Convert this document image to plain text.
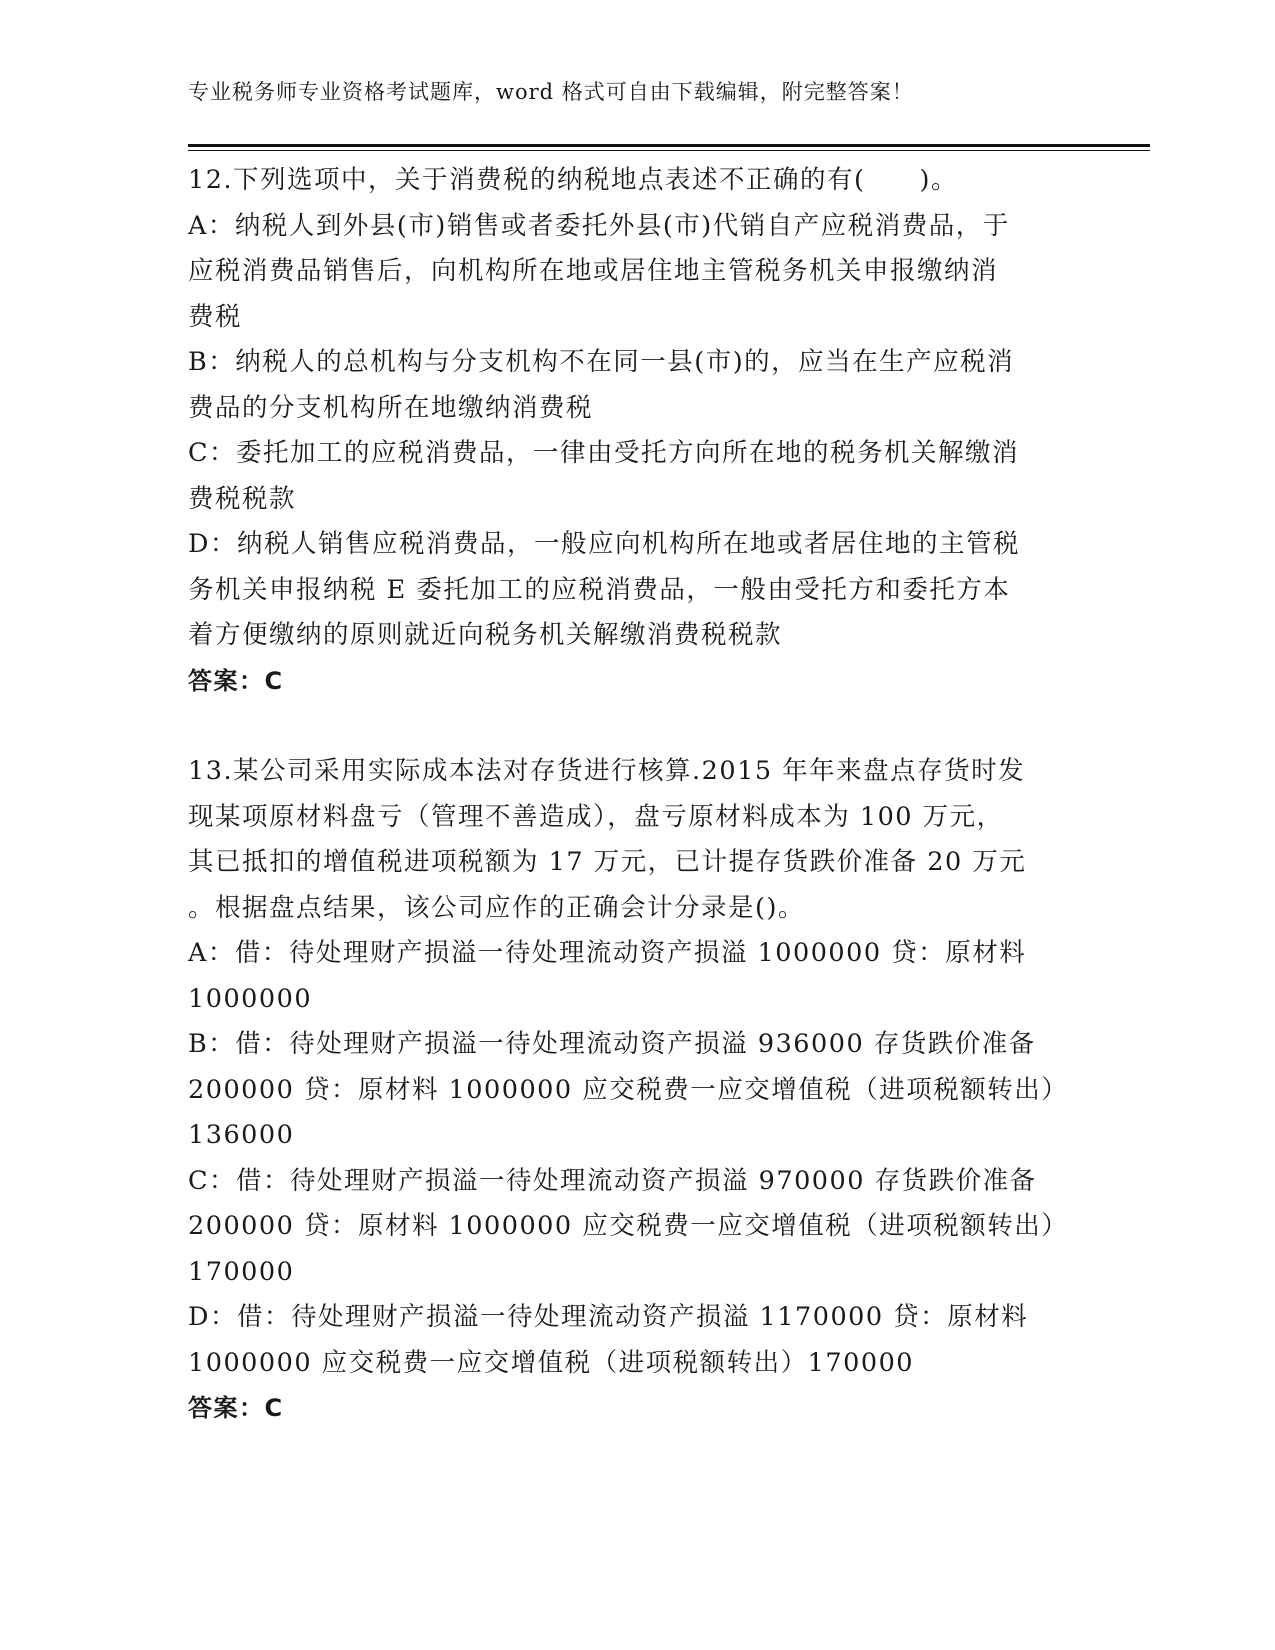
专业税务师专业资格考试题库，word 格式可自由下载编辑，附完整答案！
12.下列选项中，关于消费税的纳税地点表述不正确的有(　　)。
A：纳税人到外县(市)销售或者委托外县(市)代销自产应税消费品，于
应税消费品销售后，向机构所在地或居住地主管税务机关申报缴纳消
费税
B：纳税人的总机构与分支机构不在同一县(市)的，应当在生产应税消
费品的分支机构所在地缴纳消费税
C：委托加工的应税消费品，一律由受托方向所在地的税务机关解缴消
费税税款
D：纳税人销售应税消费品，一般应向机构所在地或者居住地的主管税
务机关申报纳税 E 委托加工的应税消费品，一般由受托方和委托方本
着方便缴纳的原则就近向税务机关解缴消费税税款
答案：C
13.某公司采用实际成本法对存货进行核算.2015 年年来盘点存货时发
现某项原材料盘亏（管理不善造成），盘亏原材料成本为 100 万元，
其已抵扣的增值税进项税额为 17 万元，已计提存货跌价准备 20 万元
。根据盘点结果，该公司应作的正确会计分录是()。
A：借：待处理财产损溢一待处理流动资产损溢 1000000 贷：原材料
1000000
B：借：待处理财产损溢一待处理流动资产损溢 936000 存货跌价准备
200000 贷：原材料 1000000 应交税费一应交增值税（进项税额转出）
136000
C：借：待处理财产损溢一待处理流动资产损溢 970000 存货跌价准备
200000 贷：原材料 1000000 应交税费一应交增值税（进项税额转出）
170000
D：借：待处理财产损溢一待处理流动资产损溢 1170000 贷：原材料
1000000 应交税费一应交增值税（进项税额转出）170000
答案：C
